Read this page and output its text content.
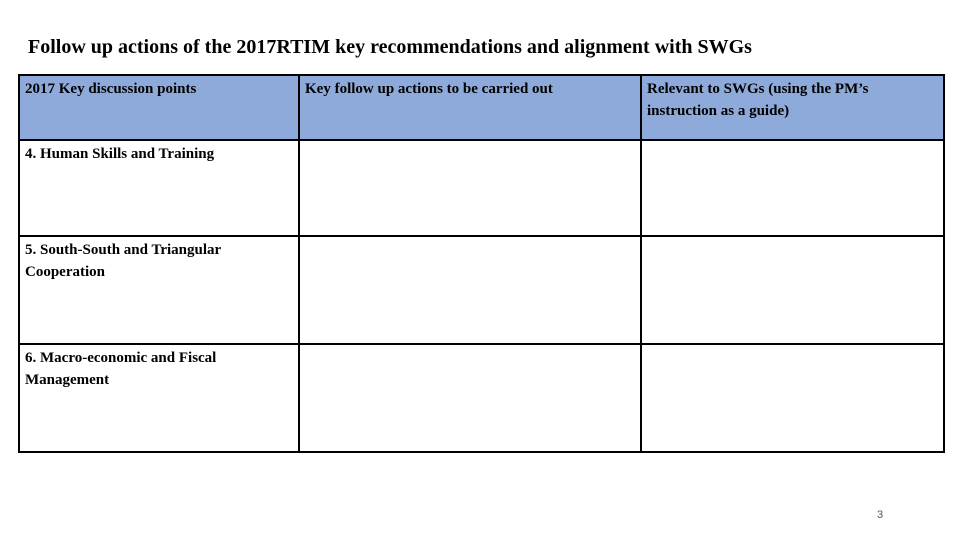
Follow up actions of the 2017RTIM key recommendations and alignment with SWGs
2017 Key discussion points	Key follow up actions to be carried out	Relevant to SWGs (using the PM’s instruction as a guide)
4. Human Skills and Training		
5. South-South and Triangular Cooperation		
6. Macro-economic and Fiscal Management		
3
